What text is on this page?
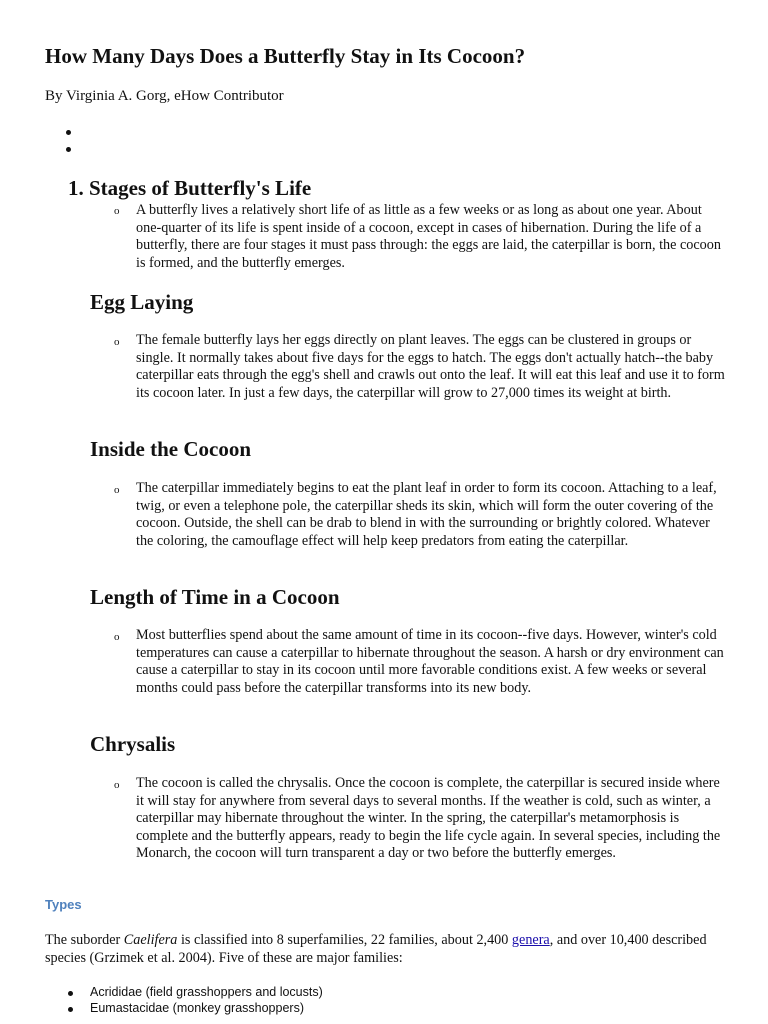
How Many Days Does a Butterfly Stay in Its Cocoon?

By Virginia A. Gorg, eHow Contributor

1. Stages of Butterfly's Life
o A butterfly lives a relatively short life of as little as a few weeks or as long as about one year. About one-quarter of its life is spent inside of a cocoon, except in cases of hibernation. During the life of a butterfly, there are four stages it must pass through: the eggs are laid, the caterpillar is born, the cocoon is formed, and the butterfly emerges.

Egg Laying
o The female butterfly lays her eggs directly on plant leaves. The eggs can be clustered in groups or single. It normally takes about five days for the eggs to hatch. The eggs don't actually hatch--the baby caterpillar eats through the egg's shell and crawls out onto the leaf. It will eat this leaf and use it to form its cocoon later. In just a few days, the caterpillar will grow to 27,000 times its weight at birth.

Inside the Cocoon
o The caterpillar immediately begins to eat the plant leaf in order to form its cocoon. Attaching to a leaf, twig, or even a telephone pole, the caterpillar sheds its skin, which will form the outer covering of the cocoon. Outside, the shell can be drab to blend in with the surrounding or brightly colored. Whatever the coloring, the camouflage effect will help keep predators from eating the caterpillar.

Length of Time in a Cocoon
o Most butterflies spend about the same amount of time in its cocoon--five days. However, winter's cold temperatures can cause a caterpillar to hibernate throughout the season. A harsh or dry environment can cause a caterpillar to stay in its cocoon until more favorable conditions exist. A few weeks or several months could pass before the caterpillar transforms into its new body.

Chrysalis
o The cocoon is called the chrysalis. Once the cocoon is complete, the caterpillar is secured inside where it will stay for anywhere from several days to several months. If the weather is cold, such as winter, a caterpillar may hibernate throughout the winter. In the spring, the caterpillar's metamorphosis is complete and the butterfly appears, ready to begin the life cycle again. In several species, including the Monarch, the cocoon will turn transparent a day or two before the butterfly emerges.

Types

The suborder Caelifera is classified into 8 superfamilies, 22 families, about 2,400 genera, and over 10,400 described species (Grzimek et al. 2004). Five of these are major families:

Acrididae (field grasshoppers and locusts)
Eumastacidae (monkey grasshoppers)
